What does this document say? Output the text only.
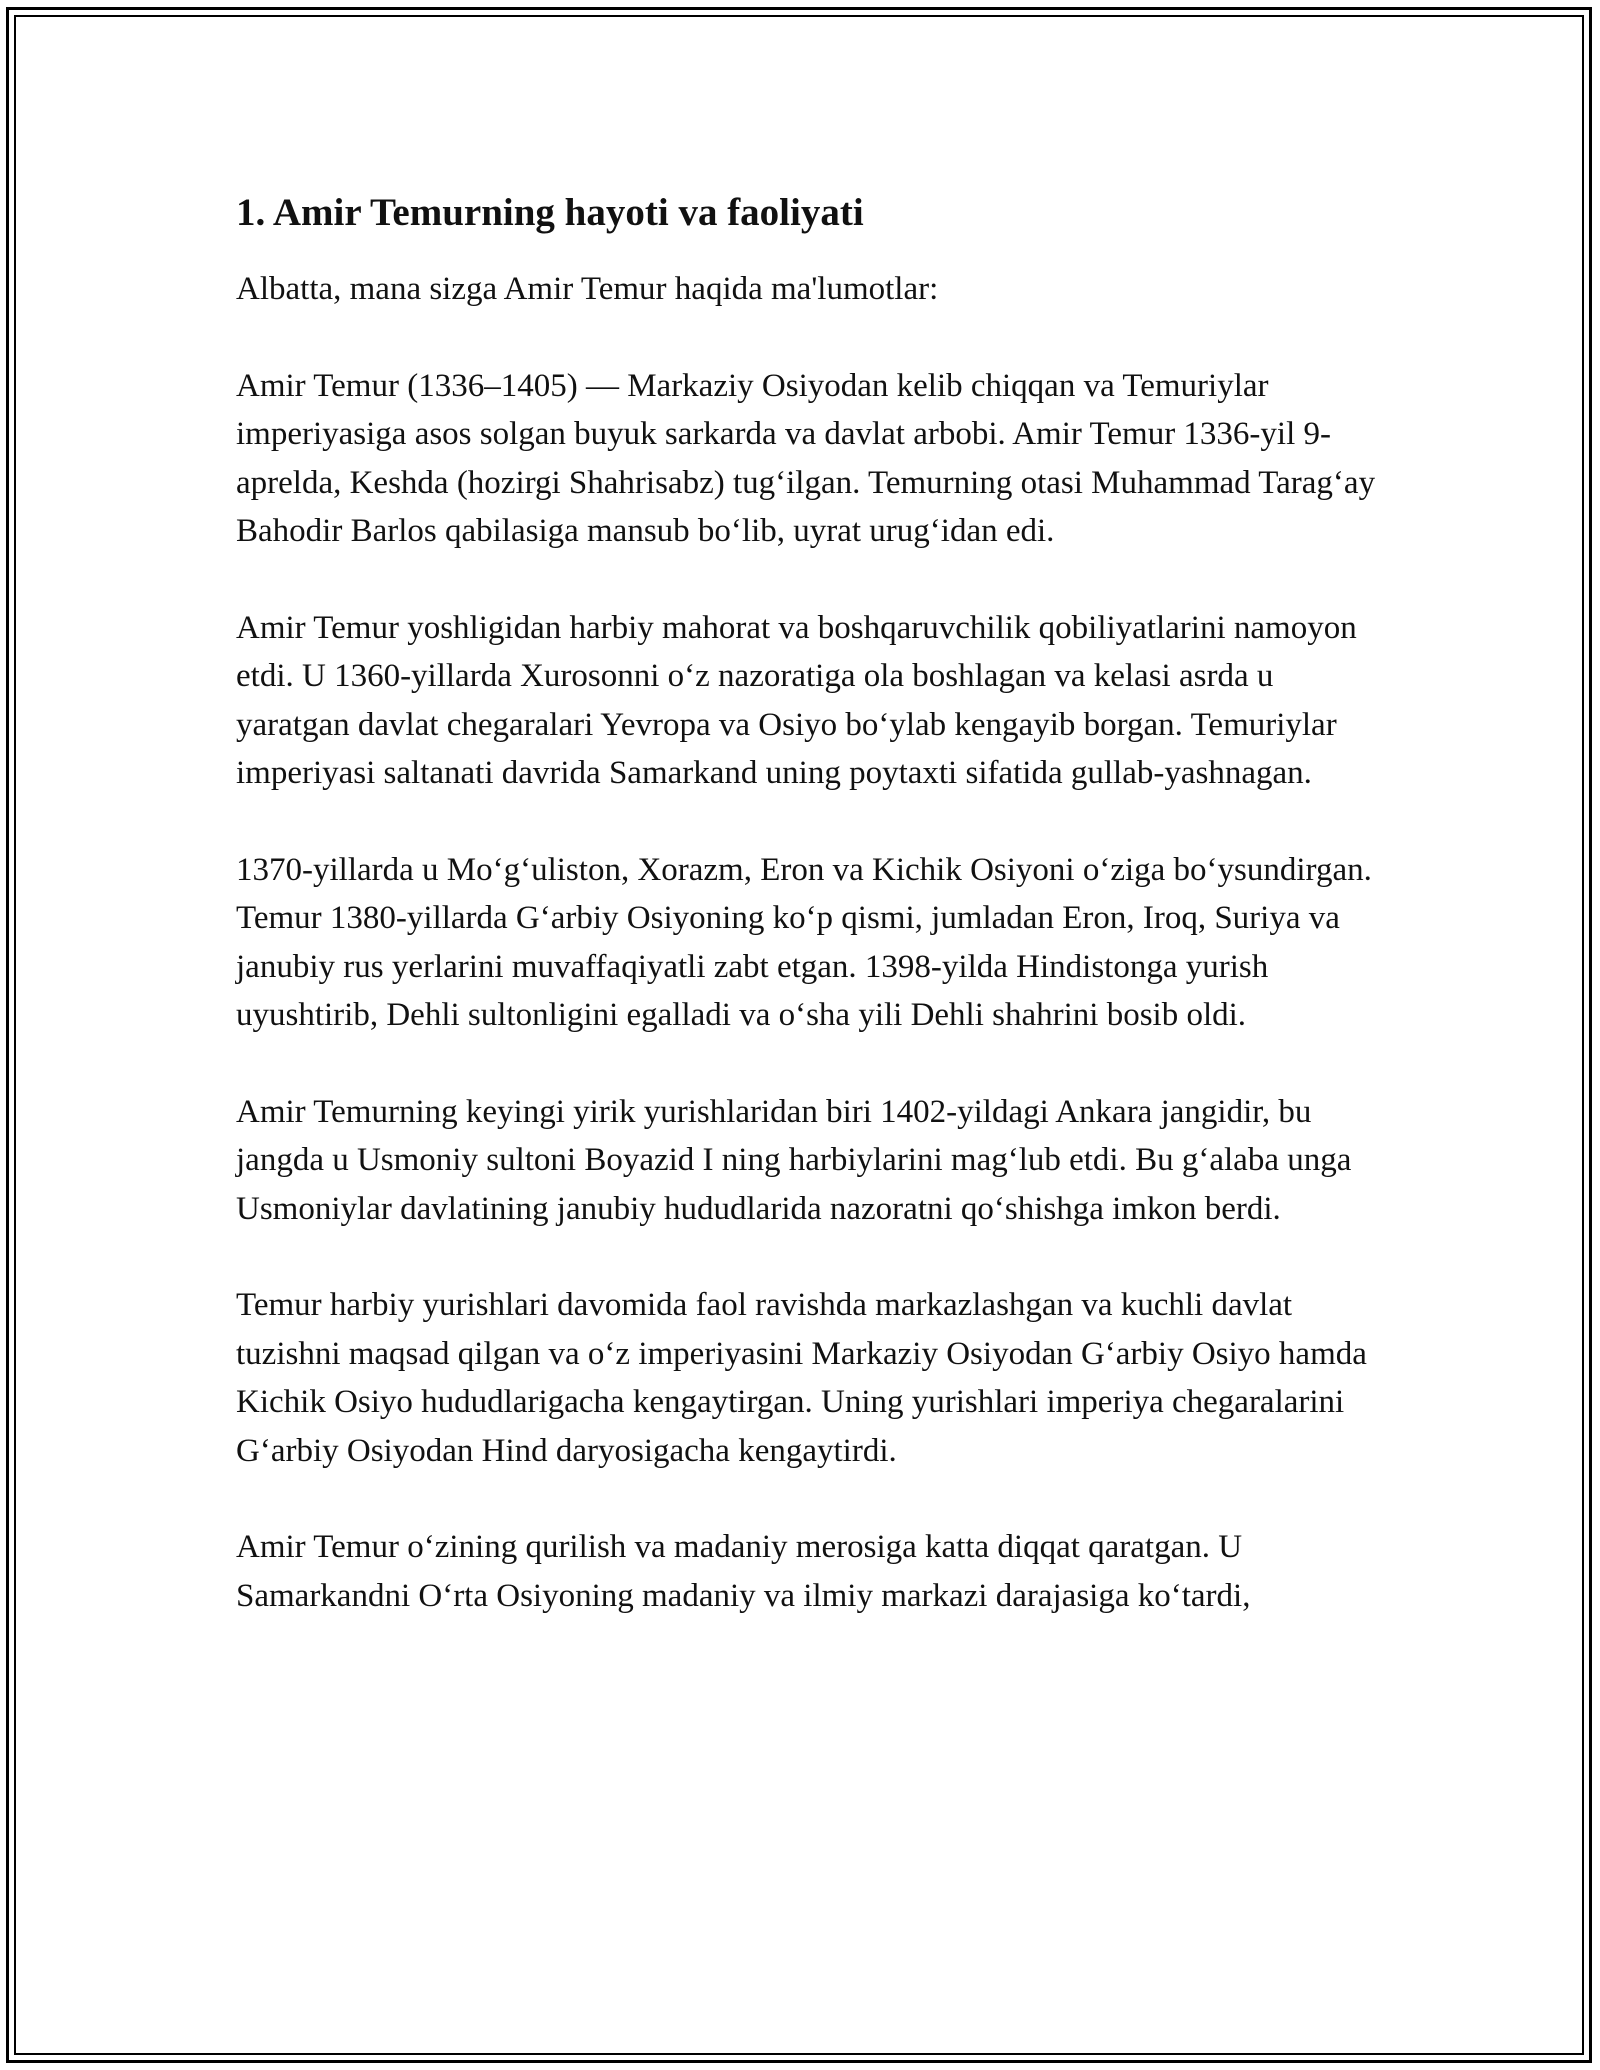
1. Amir Temurning hayoti va faoliyati

Albatta, mana sizga Amir Temur haqida ma'lumotlar:

Amir Temur (1336–1405) — Markaziy Osiyodan kelib chiqqan va Temuriylar imperiyasiga asos solgan buyuk sarkarda va davlat arbobi. Amir Temur 1336-yil 9-aprelda, Keshda (hozirgi Shahrisabz) tug‘ilgan. Temurning otasi Muhammad Tarag‘ay Bahodir Barlos qabilasiga mansub bo‘lib, uyrat urug‘idan edi.

Amir Temur yoshligidan harbiy mahorat va boshqaruvchilik qobiliyatlarini namoyon etdi. U 1360-yillarda Xurosonni o‘z nazoratiga ola boshlagan va kelasi asrda u yaratgan davlat chegaralari Yevropa va Osiyo bo‘ylab kengayib borgan. Temuriylar imperiyasi saltanati davrida Samarkand uning poytaxti sifatida gullab-yashnagan.

1370-yillarda u Mo‘g‘uliston, Xorazm, Eron va Kichik Osiyoni o‘ziga bo‘ysundirgan. Temur 1380-yillarda G‘arbiy Osiyoning ko‘p qismi, jumladan Eron, Iroq, Suriya va janubiy rus yerlarini muvaffaqiyatli zabt etgan. 1398-yilda Hindistonga yurish uyushtirib, Dehli sultonligini egalladi va o‘sha yili Dehli shahrini bosib oldi.

Amir Temurning keyingi yirik yurishlaridan biri 1402-yildagi Ankara jangidir, bu jangda u Usmoniy sultoni Boyazid I ning harbiylarini mag‘lub etdi. Bu g‘alaba unga Usmoniylar davlatining janubiy hududlarida nazoratni qo‘shishga imkon berdi.

Temur harbiy yurishlari davomida faol ravishda markazlashgan va kuchli davlat tuzishni maqsad qilgan va o‘z imperiyasini Markaziy Osiyodan G‘arbiy Osiyo hamda Kichik Osiyo hududlarigacha kengaytirgan. Uning yurishlari imperiya chegaralarini G‘arbiy Osiyodan Hind daryosigacha kengaytirdi.

Amir Temur o‘zining qurilish va madaniy merosiga katta diqqat qaratgan. U Samarkandni O‘rta Osiyoning madaniy va ilmiy markazi darajasiga ko‘tardi,
